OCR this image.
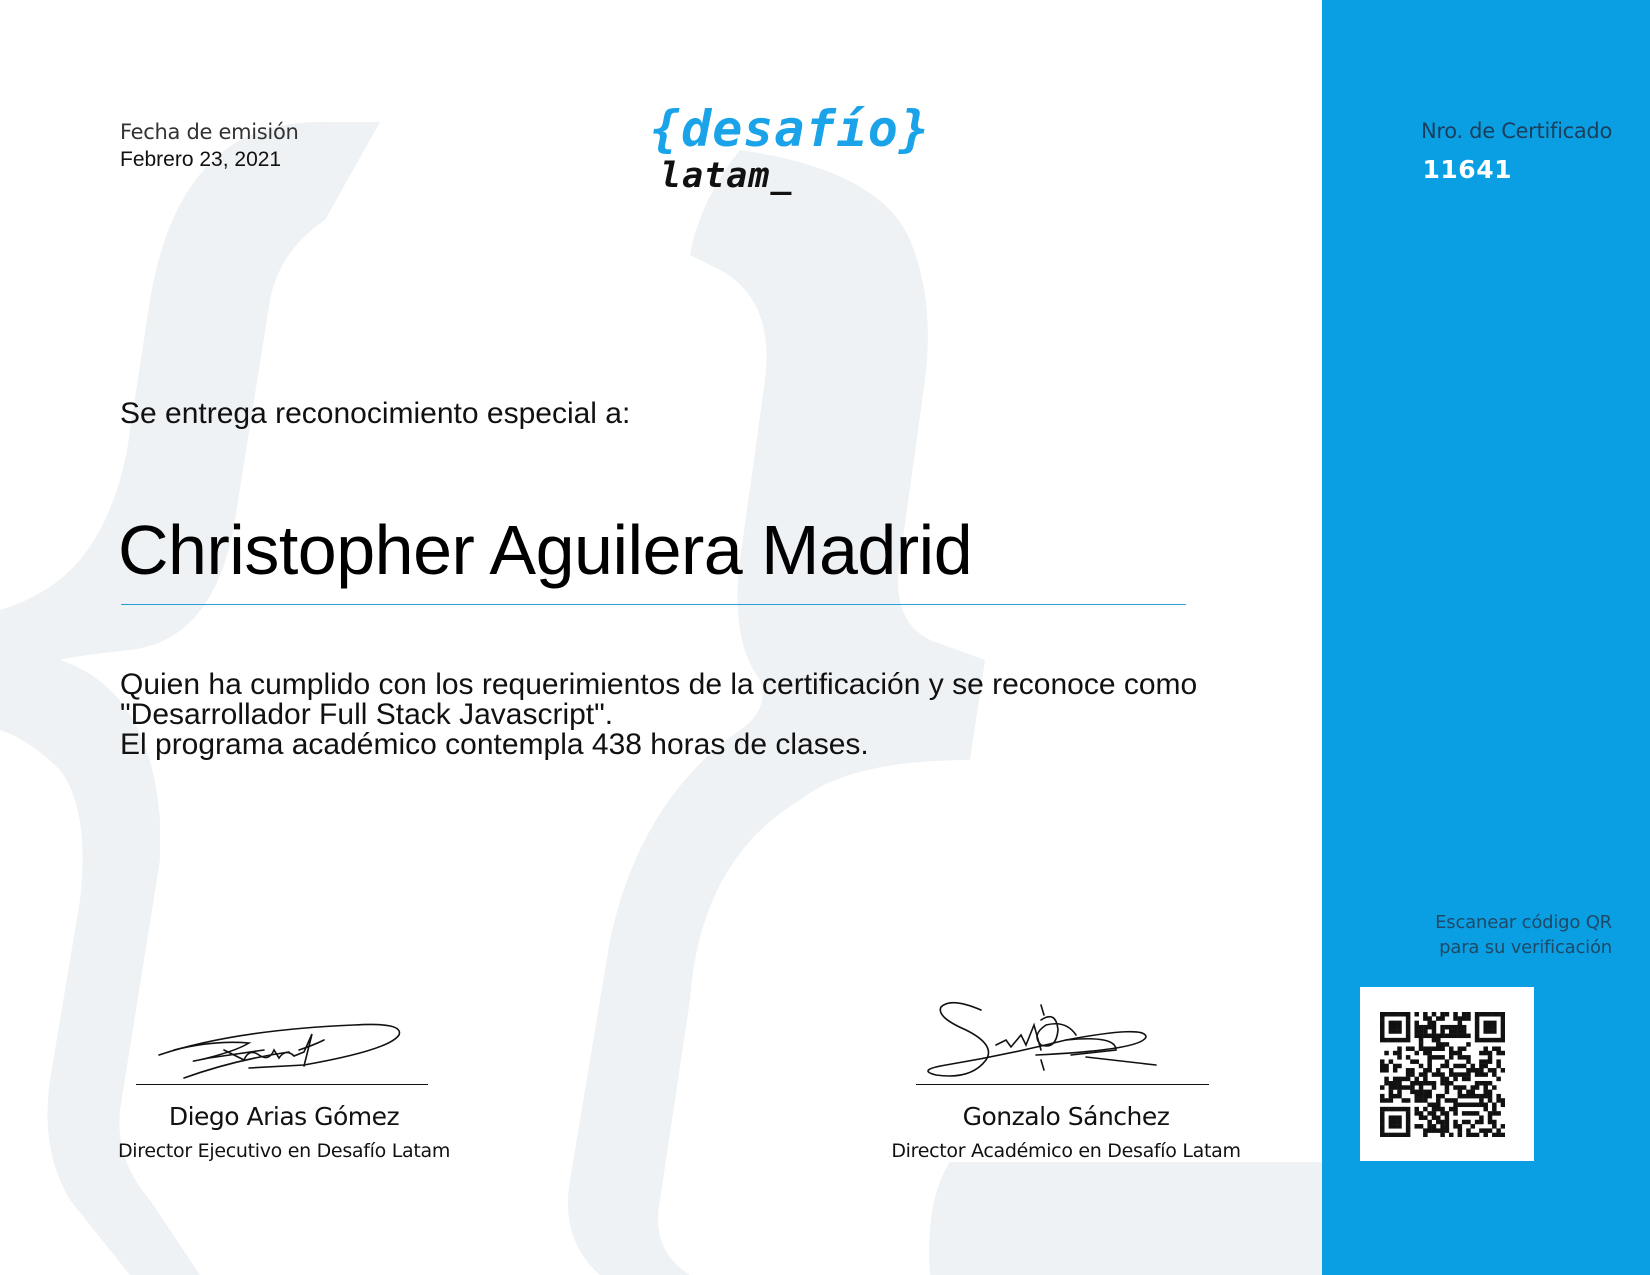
Fecha de emisión
Febrero 23, 2021
{desafío}
latam_
Se entrega reconocimiento especial a:
Christopher Aguilera Madrid
Quien ha cumplido con los requerimientos de la certificación y se reconoce como
"Desarrollador Full Stack Javascript".
El programa académico contempla 438 horas de clases.
Diego Arias Gómez
Director Ejecutivo en Desafío Latam
Gonzalo Sánchez
Director Académico en Desafío Latam
Nro. de Certificado
11641
Escanear código QR
para su verificación
